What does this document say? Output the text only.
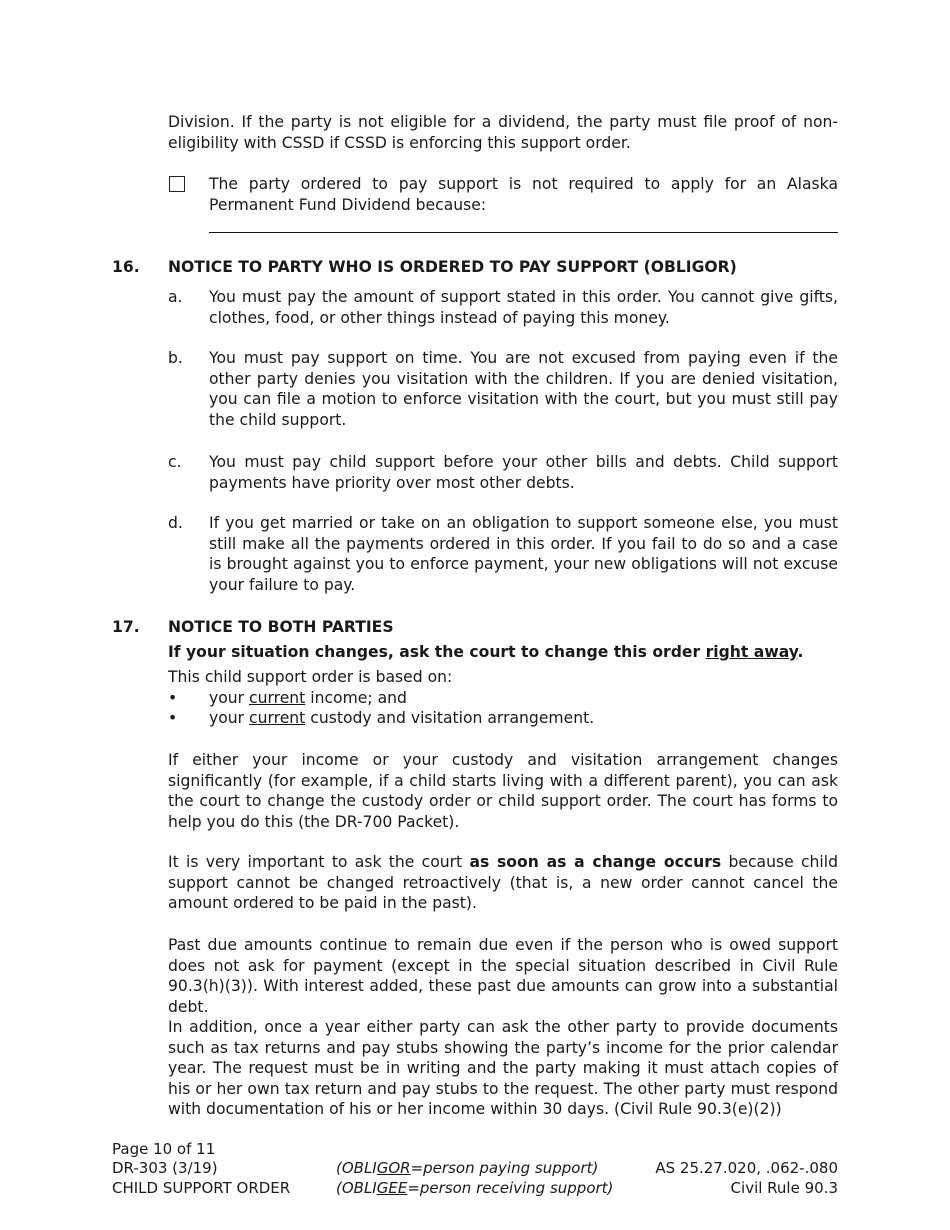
Division. If the party is not eligible for a dividend, the party must file proof of non-eligibility with CSSD if CSSD is enforcing this support order.
The party ordered to pay support is not required to apply for an Alaska Permanent Fund Dividend because:
16. NOTICE TO PARTY WHO IS ORDERED TO PAY SUPPORT (OBLIGOR)
a. You must pay the amount of support stated in this order. You cannot give gifts, clothes, food, or other things instead of paying this money.
b. You must pay support on time. You are not excused from paying even if the other party denies you visitation with the children. If you are denied visitation, you can file a motion to enforce visitation with the court, but you must still pay the child support.
c. You must pay child support before your other bills and debts. Child support payments have priority over most other debts.
d. If you get married or take on an obligation to support someone else, you must still make all the payments ordered in this order. If you fail to do so and a case is brought against you to enforce payment, your new obligations will not excuse your failure to pay.
17. NOTICE TO BOTH PARTIES
If your situation changes, ask the court to change this order right away.
This child support order is based on:
• your current income; and
• your current custody and visitation arrangement.
If either your income or your custody and visitation arrangement changes significantly (for example, if a child starts living with a different parent), you can ask the court to change the custody order or child support order. The court has forms to help you do this (the DR-700 Packet).
It is very important to ask the court as soon as a change occurs because child support cannot be changed retroactively (that is, a new order cannot cancel the amount ordered to be paid in the past).
Past due amounts continue to remain due even if the person who is owed support does not ask for payment (except in the special situation described in Civil Rule 90.3(h)(3)). With interest added, these past due amounts can grow into a substantial debt.
In addition, once a year either party can ask the other party to provide documents such as tax returns and pay stubs showing the party’s income for the prior calendar year. The request must be in writing and the party making it must attach copies of his or her own tax return and pay stubs to the request. The other party must respond with documentation of his or her income within 30 days. (Civil Rule 90.3(e)(2))
Page 10 of 11
DR-303 (3/19)
CHILD SUPPORT ORDER
(OBLIGOR=person paying support)
(OBLIGEE=person receiving support)
AS 25.27.020, .062-.080
Civil Rule 90.3
